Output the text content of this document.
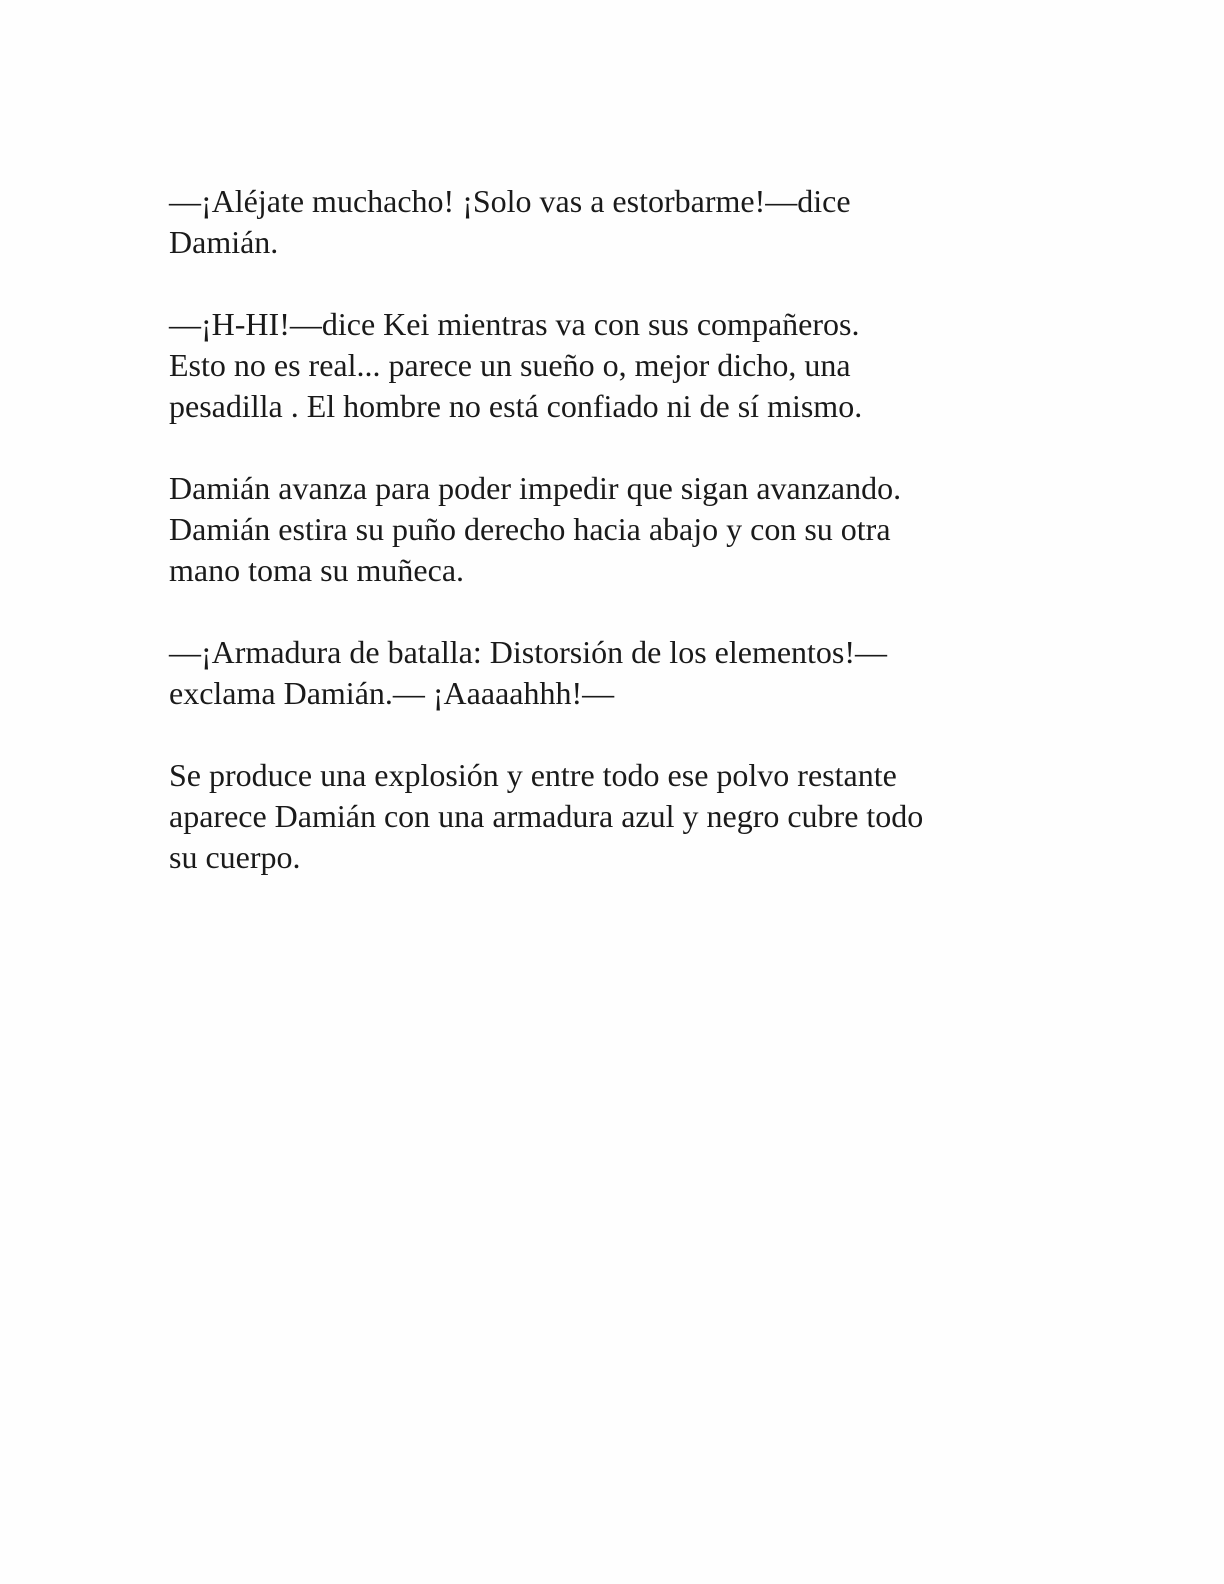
—¡Aléjate muchacho! ¡Solo vas a estorbarme!—dice
Damián.

—¡H-HI!—dice Kei mientras va con sus compañeros.
Esto no es real... parece un sueño o, mejor dicho, una
pesadilla . El hombre no está confiado ni de sí mismo.

Damián avanza para poder impedir que sigan avanzando.
Damián estira su puño derecho hacia abajo y con su otra
mano toma su muñeca.

—¡Armadura de batalla: Distorsión de los elementos!—
exclama Damián.— ¡Aaaaahhh!—

Se produce una explosión y entre todo ese polvo restante
aparece Damián con una armadura azul y negro cubre todo
su cuerpo.
